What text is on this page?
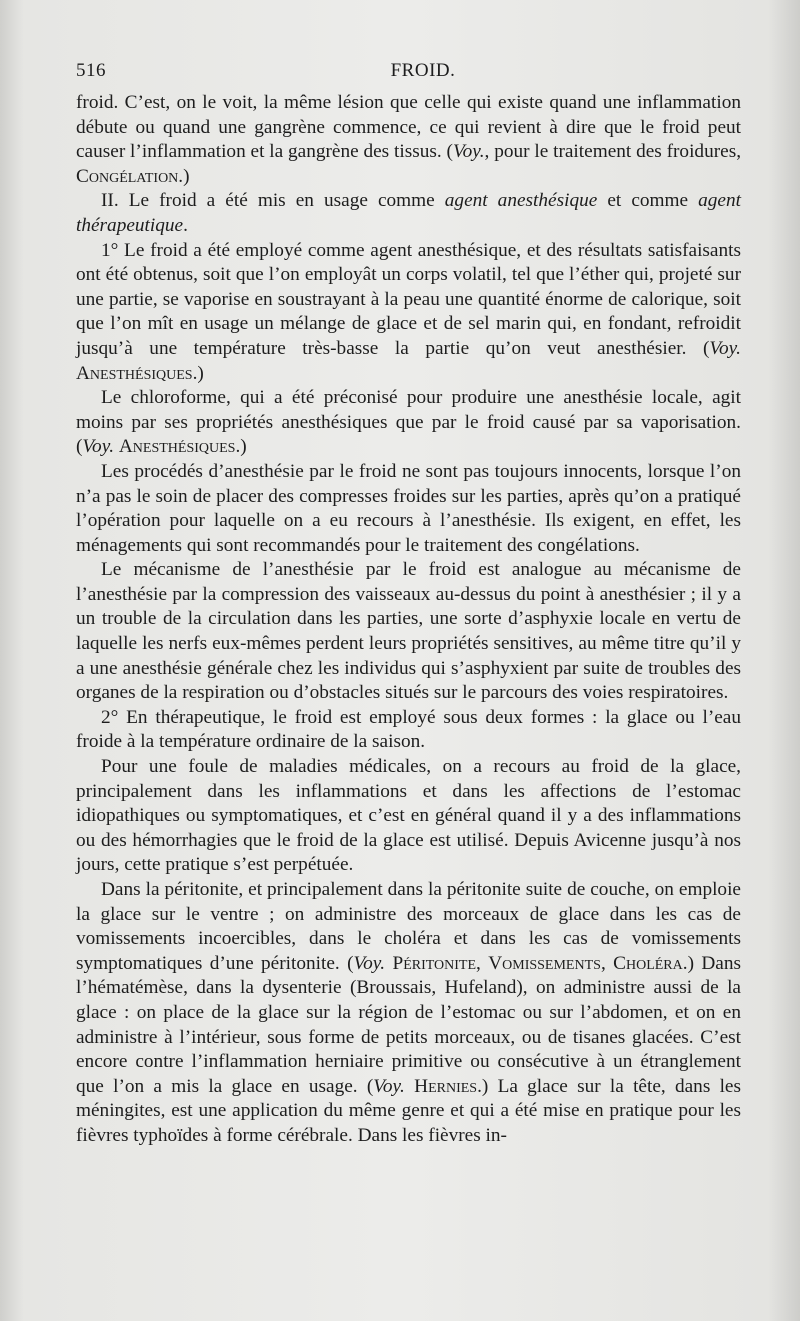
516	FROID.

froid. C’est, on le voit, la même lésion que celle qui existe quand une inflammation débute ou quand une gangrène commence, ce qui revient à dire que le froid peut causer l’inflammation et la gangrène des tissus. (Voy., pour le traitement des froidures, Congélation.)

II. Le froid a été mis en usage comme agent anesthésique et comme agent thérapeutique.

1° Le froid a été employé comme agent anesthésique, et des résultats satisfaisants ont été obtenus, soit que l’on employât un corps volatil, tel que l’éther qui, projeté sur une partie, se vaporise en soustrayant à la peau une quantité énorme de calorique, soit que l’on mît en usage un mélange de glace et de sel marin qui, en fondant, refroidit jusqu’à une température très-basse la partie qu’on veut anesthésier. (Voy. Anesthésiques.)

Le chloroforme, qui a été préconisé pour produire une anesthésie locale, agit moins par ses propriétés anesthésiques que par le froid causé par sa vaporisation. (Voy. Anesthésiques.)

Les procédés d’anesthésie par le froid ne sont pas toujours innocents, lorsque l’on n’a pas le soin de placer des compresses froides sur les parties, après qu’on a pratiqué l’opération pour laquelle on a eu recours à l’anesthésie. Ils exigent, en effet, les ménagements qui sont recommandés pour le traitement des congélations.

Le mécanisme de l’anesthésie par le froid est analogue au mécanisme de l’anesthésie par la compression des vaisseaux au-dessus du point à anesthésier ; il y a un trouble de la circulation dans les parties, une sorte d’asphyxie locale en vertu de laquelle les nerfs eux-mêmes perdent leurs propriétés sensitives, au même titre qu’il y a une anesthésie générale chez les individus qui s’asphyxient par suite de troubles des organes de la respiration ou d’obstacles situés sur le parcours des voies respiratoires.

2° En thérapeutique, le froid est employé sous deux formes : la glace ou l’eau froide à la température ordinaire de la saison.

Pour une foule de maladies médicales, on a recours au froid de la glace, principalement dans les inflammations et dans les affections de l’estomac idiopathiques ou symptomatiques, et c’est en général quand il y a des inflammations ou des hémorrhagies que le froid de la glace est utilisé. Depuis Avicenne jusqu’à nos jours, cette pratique s’est perpétuée.

Dans la péritonite, et principalement dans la péritonite suite de couche, on emploie la glace sur le ventre ; on administre des morceaux de glace dans les cas de vomissements incoercibles, dans le choléra et dans les cas de vomissements symptomatiques d’une péritonite. (Voy. Péritonite, Vomissements, Choléra.) Dans l’hématémèse, dans la dysenterie (Broussais, Hufeland), on administre aussi de la glace : on place de la glace sur la région de l’estomac ou sur l’abdomen, et on en administre à l’intérieur, sous forme de petits morceaux, ou de tisanes glacées. C’est encore contre l’inflammation herniaire primitive ou consécutive à un étranglement que l’on a mis la glace en usage. (Voy. Hernies.) La glace sur la tête, dans les méningites, est une application du même genre et qui a été mise en pratique pour les fièvres typhoïdes à forme cérébrale. Dans les fièvres in-
